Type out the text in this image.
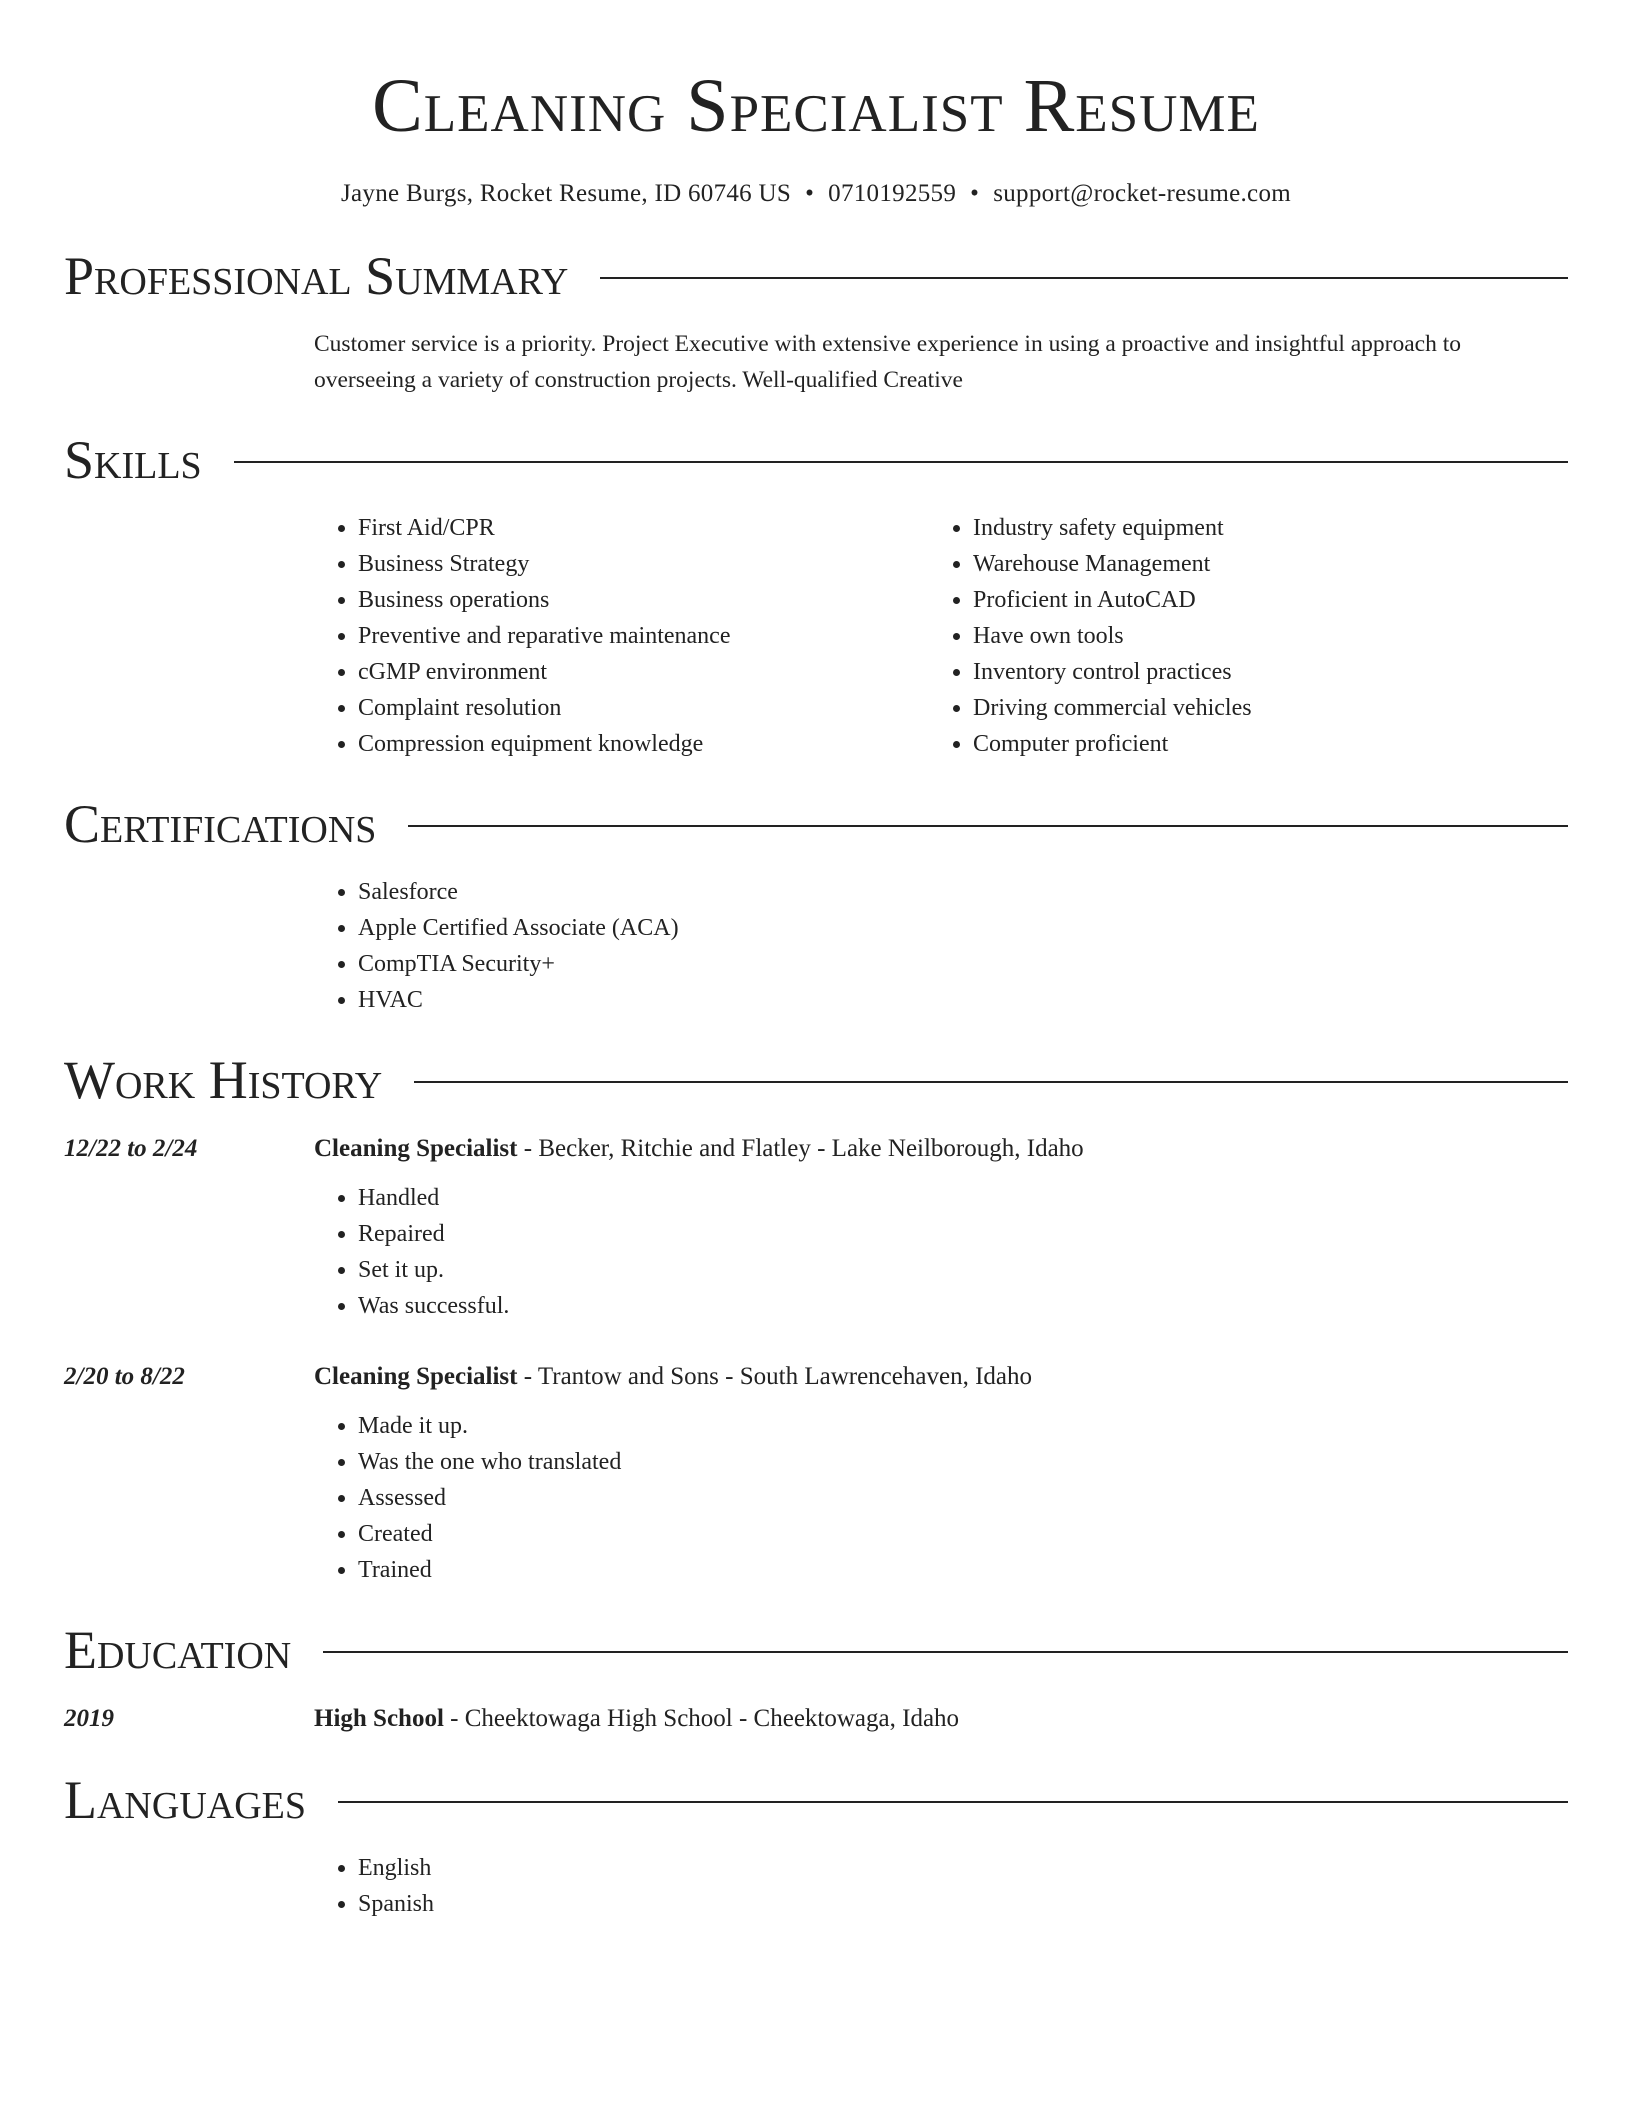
Cleaning Specialist Resume
Jayne Burgs, Rocket Resume, ID 60746 US • 0710192559 • support@rocket-resume.com
Professional Summary
Customer service is a priority. Project Executive with extensive experience in using a proactive and insightful approach to overseeing a variety of construction projects. Well-qualified Creative
Skills
• First Aid/CPR
• Business Strategy
• Business operations
• Preventive and reparative maintenance
• cGMP environment
• Complaint resolution
• Compression equipment knowledge
• Industry safety equipment
• Warehouse Management
• Proficient in AutoCAD
• Have own tools
• Inventory control practices
• Driving commercial vehicles
• Computer proficient
Certifications
• Salesforce
• Apple Certified Associate (ACA)
• CompTIA Security+
• HVAC
Work History
12/22 to 2/24	Cleaning Specialist - Becker, Ritchie and Flatley - Lake Neilborough, Idaho
• Handled
• Repaired
• Set it up.
• Was successful.
2/20 to 8/22	Cleaning Specialist - Trantow and Sons - South Lawrencehaven, Idaho
• Made it up.
• Was the one who translated
• Assessed
• Created
• Trained
Education
2019	High School - Cheektowaga High School - Cheektowaga, Idaho
Languages
• English
• Spanish
